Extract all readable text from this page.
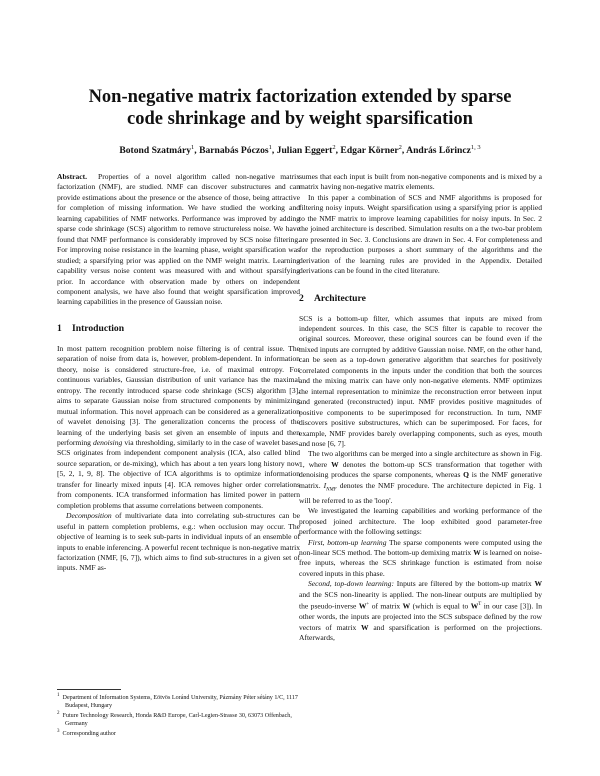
Non-negative matrix factorization extended by sparse
code shrinkage and by weight sparsification
Botond Szatmáry$^1$, Barnabás Póczos$^1$, Julian Eggert$^2$, Edgar Körner$^2$, András Lőrincz$^{1, 3}$

Abstract. Properties of a novel algorithm called non-negative matrix factorization (NMF), are studied. NMF can discover substructures and can provide estimations about the presence or the absence of those, being attractive for completion of missing information. We have studied the working and learning capabilities of NMF networks. Performance was improved by adding sparse code shrinkage (SCS) algorithm to remove structureless noise. We have found that NMF performance is considerably improved by SCS noise filtering. For improving noise resistance in the learning phase, weight sparsification was studied; a sparsifying prior was applied on the NMF weight matrix. Learning capability versus noise content was measured with and without sparsifying prior. In accordance with observation made by others on independent component analysis, we have also found that weight sparsification improved learning capabilities in the presence of Gaussian noise.

1 Introduction

In most pattern recognition problem noise filtering is of central issue. The separation of noise from data is, however, problem-dependent. In information theory, noise is considered structure-free, i.e. of maximal entropy. For continuous variables, Gaussian distribution of unit variance has the maximal entropy. The recently introduced sparse code shrinkage (SCS) algorithm [3], aims to separate Gaussian noise from structured components by minimizing mutual information. This novel approach can be considered as a generalization of wavelet denoising [3]. The generalization concerns the process of the learning of the underlying basis set given an ensemble of inputs and then performing denoising via thresholding, similarly to in the case of wavelet bases. SCS originates from independent component analysis (ICA, also called blind source separation, or de-mixing), which has about a ten years long history now [5, 2, 1, 9, 8]. The objective of ICA algorithms is to optimize information transfer for linearly mixed inputs [4]. ICA removes higher order correlations from components. ICA transformed information has limited power in pattern completion problems that assume correlations between components.

Decomposition of multivariate data into correlating sub-structures can be useful in pattern completion problems, e.g.: when occlusion may occur. The objective of learning is to seek sub-parts in individual inputs of an ensemble of inputs to enable inferencing. A powerful recent technique is non-negative matrix factorization (NMF, [6, 7]), which aims to find sub-structures in a given set of inputs. NMF as-

$^1$ Department of Information Systems, Eötvös Loránd University, Pázmány Péter sétány 1/C, 1117 Budapest, Hungary
$^2$ Future Technology Research, Honda R&D Europe, Carl-Legien-Strasse 30, 63073 Offenbach, Germany
$^3$ Corresponding author

sumes that each input is built from non-negative components and is mixed by a matrix having non-negative matrix elements.

In this paper a combination of SCS and NMF algorithms is proposed for filtering noisy inputs. Weight sparsification using a sparsifying prior is applied to the NMF matrix to improve learning capabilities for noisy inputs. In Sec. 2 the joined architecture is described. Simulation results on a the two-bar problem are presented in Sec. 3. Conclusions are drawn in Sec. 4. For completeness and for the reproduction purposes a short summary of the algorithms and the derivation of the learning rules are provided in the Appendix. Detailed derivations can be found in the cited literature.

2 Architecture

SCS is a bottom-up filter, which assumes that inputs are mixed from independent sources. In this case, the SCS filter is capable to recover the original sources. Moreover, these original sources can be found even if the mixed inputs are corrupted by additive Gaussian noise. NMF, on the other hand, can be seen as a top-down generative algorithm that searches for positively correlated components in the inputs under the condition that both the sources and the mixing matrix can have only non-negative elements. NMF optimizes the internal representation to minimize the reconstruction error between input and generated (reconstructed) input. NMF provides positive magnitudes of positive components to be superimposed for reconstruction. In turn, NMF discovers positive substructures, which can be superimposed. For faces, for example, NMF provides barely overlapping components, such as eyes, mouth and nose [6, 7].

The two algorithms can be merged into a single architecture as shown in Fig. 1, where W denotes the bottom-up SCS transformation that together with denoising produces the sparse components, whereas Q is the NMF generative matrix. $I_{NMF}$ denotes the NMF procedure. The architecture depicted in Fig. 1 will be referred to as the 'loop'.

We investigated the learning capabilities and working performance of the proposed joined architecture. The loop exhibited good parameter-free performance with the following settings:

First, bottom-up learning The sparse components were computed using the non-linear SCS method. The bottom-up demixing matrix W is learned on noise-free inputs, whereas the SCS shrinkage function is estimated from noise covered inputs in this phase.

Second, top-down learning: Inputs are filtered by the bottom-up matrix W and the SCS non-linearity is applied. The non-linear outputs are multiplied by the pseudo-inverse W+ of matrix W (which is equal to $W^T$ in our case [3]). In other words, the inputs are projected into the SCS subspace defined by the row vectors of matrix W and sparsification is performed on the projections. Afterwards,
